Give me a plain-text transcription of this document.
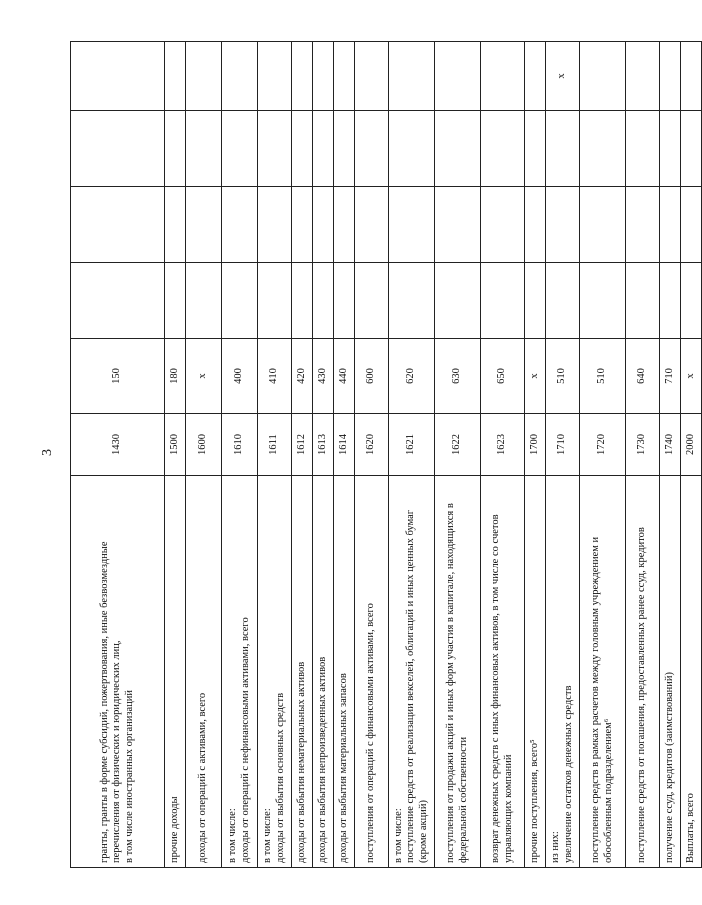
3
гранты, гранты в форме субсидий, пожертвования, иные безвозмездные перечисления от физических и юридических лиц,
в том числе иностранных организаций	1430	150				
прочие доходы	1500	180				
доходы от операций с активами, всего	1600	x				
в том числе:
доходы от операций с нефинансовыми активами, всего	1610	400				
в том числе:
доходы от выбытия основных средств	1611	410				
доходы от выбытия нематериальных активов	1612	420				
доходы от выбытия непроизведенных активов	1613	430				
доходы от выбытия материальных запасов	1614	440				
поступления от операций с финансовыми активами, всего	1620	600				
в том числе:
поступление средств от реализации векселей, облигаций и иных ценных бумаг (кроме акций)	1621	620				
поступления от продажи акций и иных форм участия в капитале, находящихся в федеральной собственности	1622	630				
возврат денежных средств с иных финансовых активов, в том числе со счетов управляющих компаний	1623	650				
прочие поступления, всего⁵	1700	x				
из них:
увеличение остатков денежных средств	1710	510				x
поступление средств в рамках расчетов между головным учреждением и обособленным подразделением⁶	1720	510				
поступление средств от погашения, предоставленных ранее ссуд, кредитов	1730	640				
получение ссуд, кредитов (заимствований)	1740	710				
Выплаты, всего	2000	x				
